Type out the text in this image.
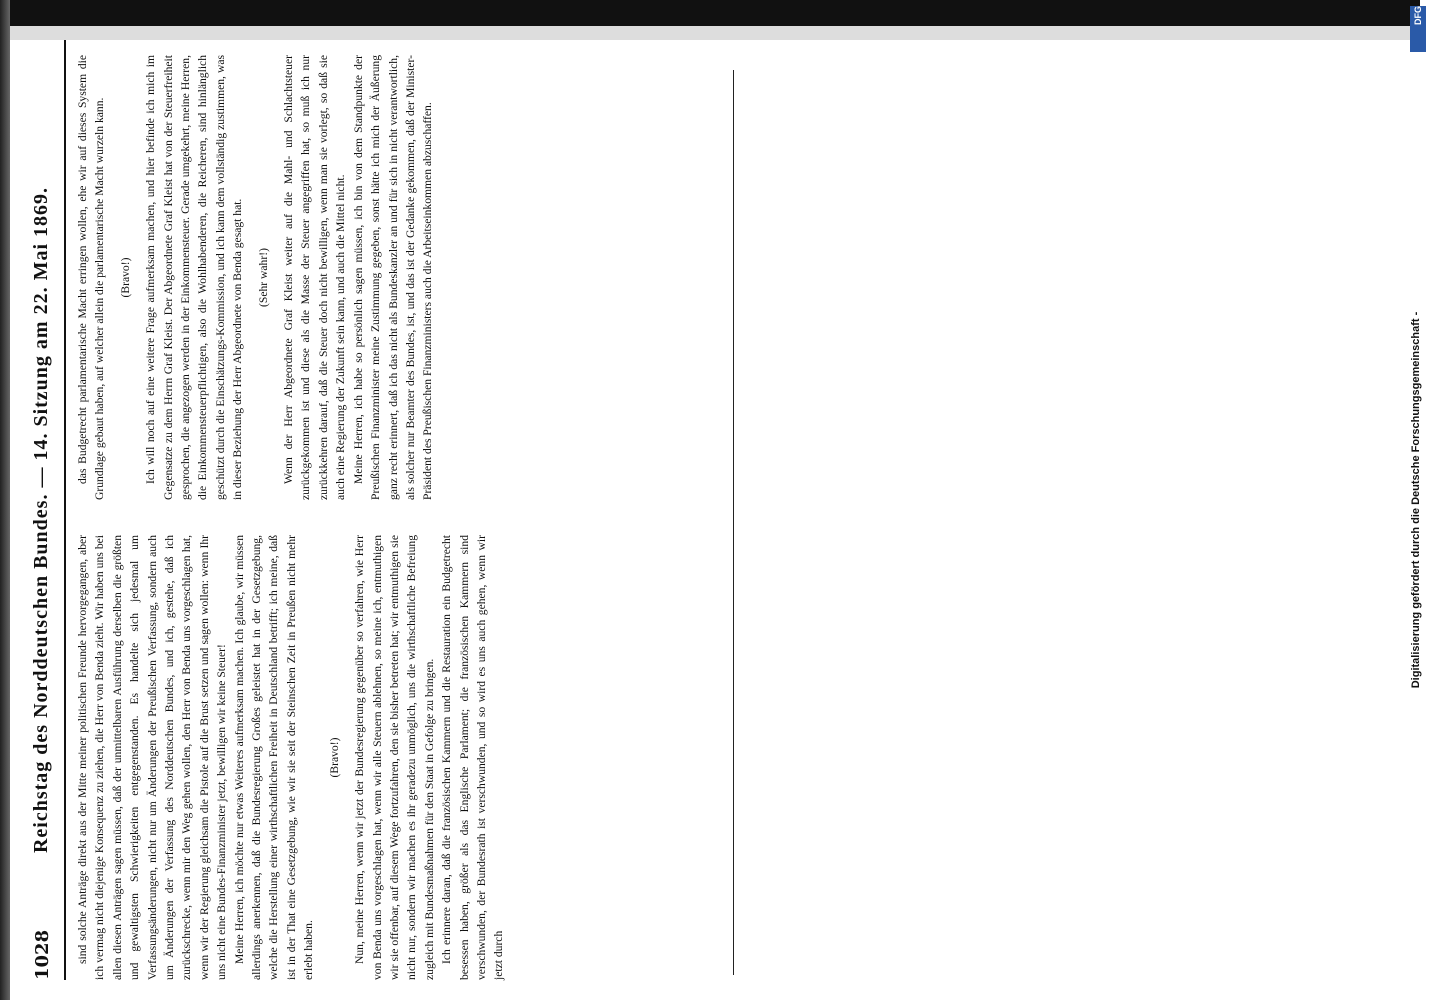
1028
Reichstag des Norddeutschen Bundes. — 14. Sitzung am 22. Mai 1869. sind solche Anträge direkt aus der Mitte meiner politischen Freunde hervorgegangen, aber ich vermag nicht diejenige Konsequenz zu ziehen, die Herr von Benda zieht. Wir haben uns bei allen diesen Anträgen sagen müssen, daß der unmittelbaren Ausführung derselben die größten und gewaltigsten Schwierigkeiten entgegenstanden. Es handelte sich jedesmal um Verfassungsänderungen, nicht nur um Änderungen der Preußischen Verfassung, sondern auch um Änderungen der Verfassung des Norddeutschen Bundes, und ich, gestehe, daß ich zurückschrecke, wenn mir den Weg gehen wollen, den Herr von Benda uns vorgeschlagen hat, wenn wir der Regierung gleichsam die Pistole auf die Brust setzen und sagen wollen: wenn Ihr uns nicht eine Bundes-Finanzminister jetzt, bewilligen wir keine Steuer! Meine Herren, ich möchte nur etwas Weiteres aufmerksam machen. Ich glaube, wir müssen allerdings anerkennen, daß die Bundesregierung Großes geleistet hat in der Gesetzgebung, welche die Herstellung einer wirthschaftlichen Freiheit in Deutschland betrifft; ich meine, daß ist in der That eine Gesetzgebung, wie wir sie seit der Steinschen Zeit in Preußen nicht mehr erlebt haben.

(Bravo!) Nun, meine Herren, wenn wir jetzt der Bundesregierung gegenüber so verfahren, wie Herr von Benda uns vorgeschlagen hat, wenn wir alle Steuern ablehnen, so meine ich, entmuthigen wir sie offenbar, auf diesem Wege fortzufahren, den sie bisher betreten hat; wir entmuthigen sie nicht nur, sondern wir machen es ihr geradezu unmöglich, uns die wirthschaftliche Befreiung zugleich mit Bundesmaßnahmen für den Staat in Gefolge zu bringen. Ich erinnere daran, daß die französischen Kammern und die Restauration ein Budgetrecht besessen haben, größer als das Englische Parlament; die französischen Kammern sind verschwunden, der Bundesrath ist verschwunden, und so wird es uns auch gehen, wenn wir jetzt durch

das Budgetrecht parlamentarische Macht erringen wollen, ehe wir auf dieses System die Grundlage gebaut haben, auf welcher allein die parlamentarische Macht wurzeln kann. (Bravo!) Ich will noch auf eine weitere Frage aufmerksam machen, und hier befinde ich mich im Gegensatze zu dem Herrn Graf Kleist. Der Abgeordnete Graf Kleist hat von der Steuerfreiheit gesprochen, die angezogen werden in der Einkommensteuer. Gerade umgekehrt, meine Herren, die Einkommensteuerpflichtigen, also die Wohlhabenderen, die Reicheren, sind hinlänglich geschützt durch die Einschätzungs-Kommission, und ich kann dem vollständig zustimmen, was in dieser Beziehung der Herr Abgeordnete von Benda gesagt hat. (Sehr wahr!) Wenn der Herr Abgeordnete Graf Kleist weiter auf die Mahl- und Schlachtsteuer zurückgekommen ist und diese als die Masse der Steuer angegriffen hat, so muß ich nur zurückkehren darauf, daß die Steuer doch nicht bewilligen, wenn man sie vorlegt, so daß sie auch eine Regierung der Zukunft sein kann, und auch die Mittel nicht. Meine Herren, ich habe so persönlich sagen müssen, ich bin von dem Standpunkte der Preußischen Finanzminister meine Zustimmung gegeben, sonst hätte ich mich der Äußerung ganz recht erinnert, daß ich das nicht als Bundeskanzler an und für sich in nicht verantwortlich, als solcher nur Beamter des Bundes, ist, und das ist der Gedanke gekommen, daß der Minister-Präsident des Preußischen Finanzministers auch die Arbeitseinkommen abzuschaffen.

Digitalisierung gefördert durch die Deutsche Forschungsgemeinschaft -
DFG
